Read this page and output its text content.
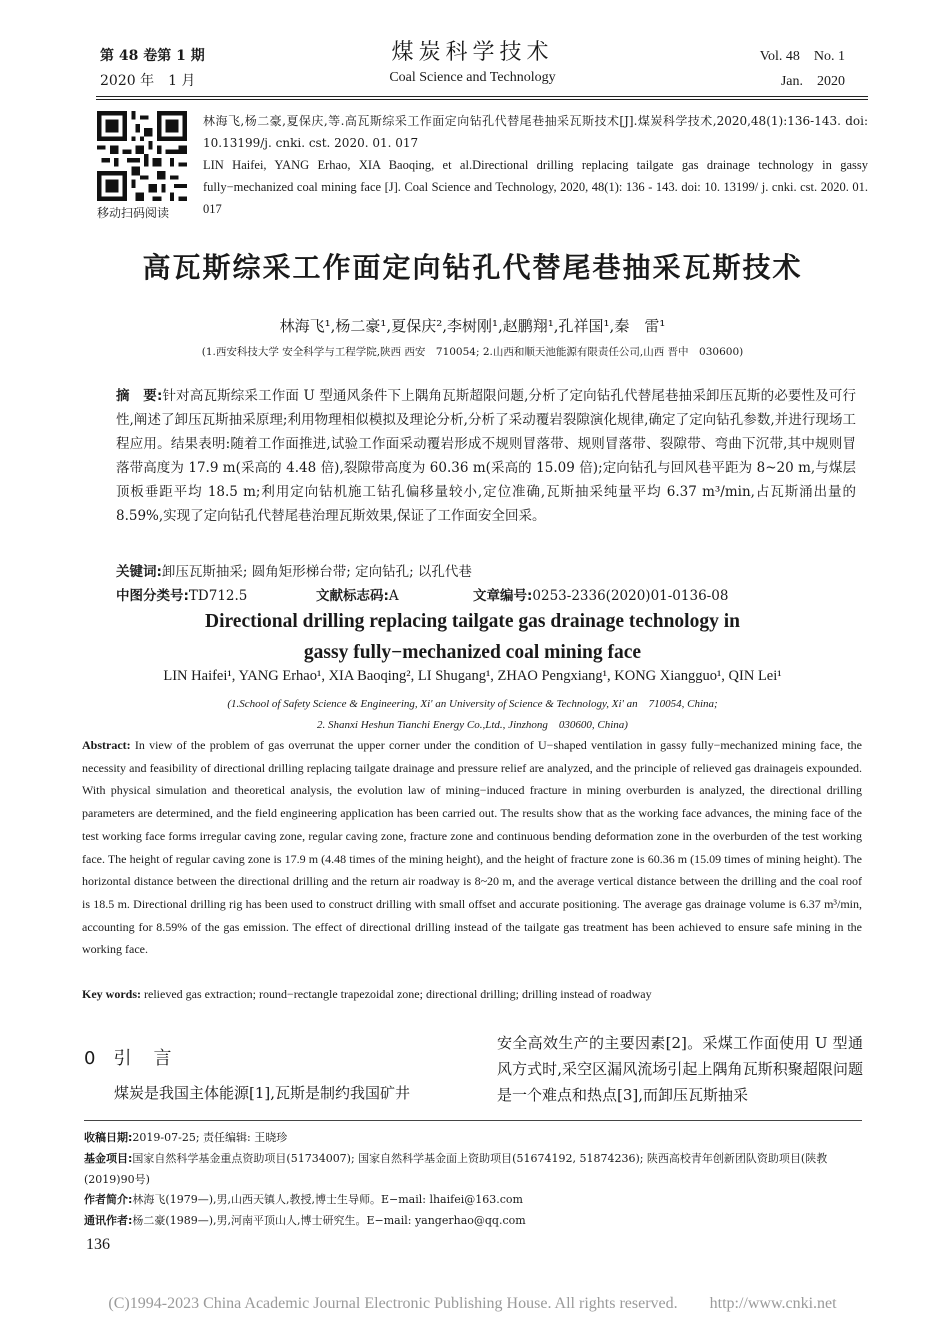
第 48 卷第 1 期
2020 年　1 月
煤炭科学技术
Coal Science and Technology
Vol. 48　No. 1
Jan.　2020
移动扫码阅读
林海飞,杨二豪,夏保庆,等.高瓦斯综采工作面定向钻孔代替尾巷抽采瓦斯技术[J].煤炭科学技术,2020,48(1):136-143. doi: 10.13199/j. cnki. cst. 2020. 01. 017
LIN Haifei, YANG Erhao, XIA Baoqing, et al.Directional drilling replacing tailgate gas drainage technology in gassy fully−mechanized coal mining face [J]. Coal Science and Technology, 2020, 48(1): 136 - 143. doi: 10. 13199/ j. cnki. cst. 2020. 01. 017
高瓦斯综采工作面定向钻孔代替尾巷抽采瓦斯技术
林海飞¹,杨二豪¹,夏保庆²,李树刚¹,赵鹏翔¹,孔祥国¹,秦　雷¹
(1.西安科技大学 安全科学与工程学院,陕西 西安　710054; 2.山西和顺天池能源有限责任公司,山西 晋中　030600)
摘　要:针对高瓦斯综采工作面 U 型通风条件下上隅角瓦斯超限问题,分析了定向钻孔代替尾巷抽采卸压瓦斯的必要性及可行性,阐述了卸压瓦斯抽采原理;利用物理相似模拟及理论分析,分析了采动覆岩裂隙演化规律,确定了定向钻孔参数,并进行现场工程应用。结果表明:随着工作面推进,试验工作面采动覆岩形成不规则冒落带、规则冒落带、裂隙带、弯曲下沉带,其中规则冒落带高度为 17.9 m(采高的 4.48 倍),裂隙带高度为 60.36 m(采高的 15.09 倍);定向钻孔与回风巷平距为 8~20 m,与煤层顶板垂距平均 18.5 m;利用定向钻机施工钻孔偏移量较小,定位准确,瓦斯抽采纯量平均 6.37 m³/min,占瓦斯涌出量的 8.59%,实现了定向钻孔代替尾巷治理瓦斯效果,保证了工作面安全回采。
关键词:卸压瓦斯抽采; 圆角矩形梯台带; 定向钻孔; 以孔代巷
中图分类号:TD712.5	文献标志码:A	文章编号:0253-2336(2020)01-0136-08
Directional drilling replacing tailgate gas drainage technology in
gassy fully−mechanized coal mining face
LIN Haifei¹, YANG Erhao¹, XIA Baoqing², LI Shugang¹, ZHAO Pengxiang¹, KONG Xiangguo¹, QIN Lei¹
(1.School of Safety Science & Engineering, Xi' an University of Science & Technology, Xi' an　710054, China;
2. Shanxi Heshun Tianchi Energy Co.,Ltd., Jinzhong　030600, China)
Abstract: In view of the problem of gas overrunat the upper corner under the condition of U−shaped ventilation in gassy fully−mechanized mining face, the necessity and feasibility of directional drilling replacing tailgate drainage and pressure relief are analyzed, and the principle of relieved gas drainageis expounded. With physical simulation and theoretical analysis, the evolution law of mining−induced fracture in mining overburden is analyzed, the directional drilling parameters are determined, and the field engineering application has been carried out. The results show that as the working face advances, the mining face of the test working face forms irregular caving zone, regular caving zone, fracture zone and continuous bending deformation zone in the overburden of the test working face. The height of regular caving zone is 17.9 m (4.48 times of the mining height), and the height of fracture zone is 60.36 m (15.09 times of mining height). The horizontal distance between the directional drilling and the return air roadway is 8~20 m, and the average vertical distance between the drilling and the coal roof is 18.5 m. Directional drilling rig has been used to construct drilling with small offset and accurate positioning. The average gas drainage volume is 6.37 m³/min, accounting for 8.59% of the gas emission. The effect of directional drilling instead of the tailgate gas treatment has been achieved to ensure safe mining in the working face.
Key words: relieved gas extraction; round−rectangle trapezoidal zone; directional drilling; drilling instead of roadway
0 引言
煤炭是我国主体能源[1],瓦斯是制约我国矿井
安全高效生产的主要因素[2]。采煤工作面使用 U 型通风方式时,采空区漏风流场引起上隅角瓦斯积聚超限问题是一个难点和热点[3],而卸压瓦斯抽采
收稿日期:2019-07-25; 责任编辑: 王晓珍
基金项目:国家自然科学基金重点资助项目(51734007); 国家自然科学基金面上资助项目(51674192, 51874236); 陕西高校青年创新团队资助项目(陕教(2019)90号)
作者简介:林海飞(1979—),男,山西天镇人,教授,博士生导师。E−mail: lhaifei@163.com
通讯作者:杨二豪(1989—),男,河南平顶山人,博士研究生。E−mail: yangerhao@qq.com
136
(C)1994-2023 China Academic Journal Electronic Publishing House. All rights reserved.　　http://www.cnki.net
